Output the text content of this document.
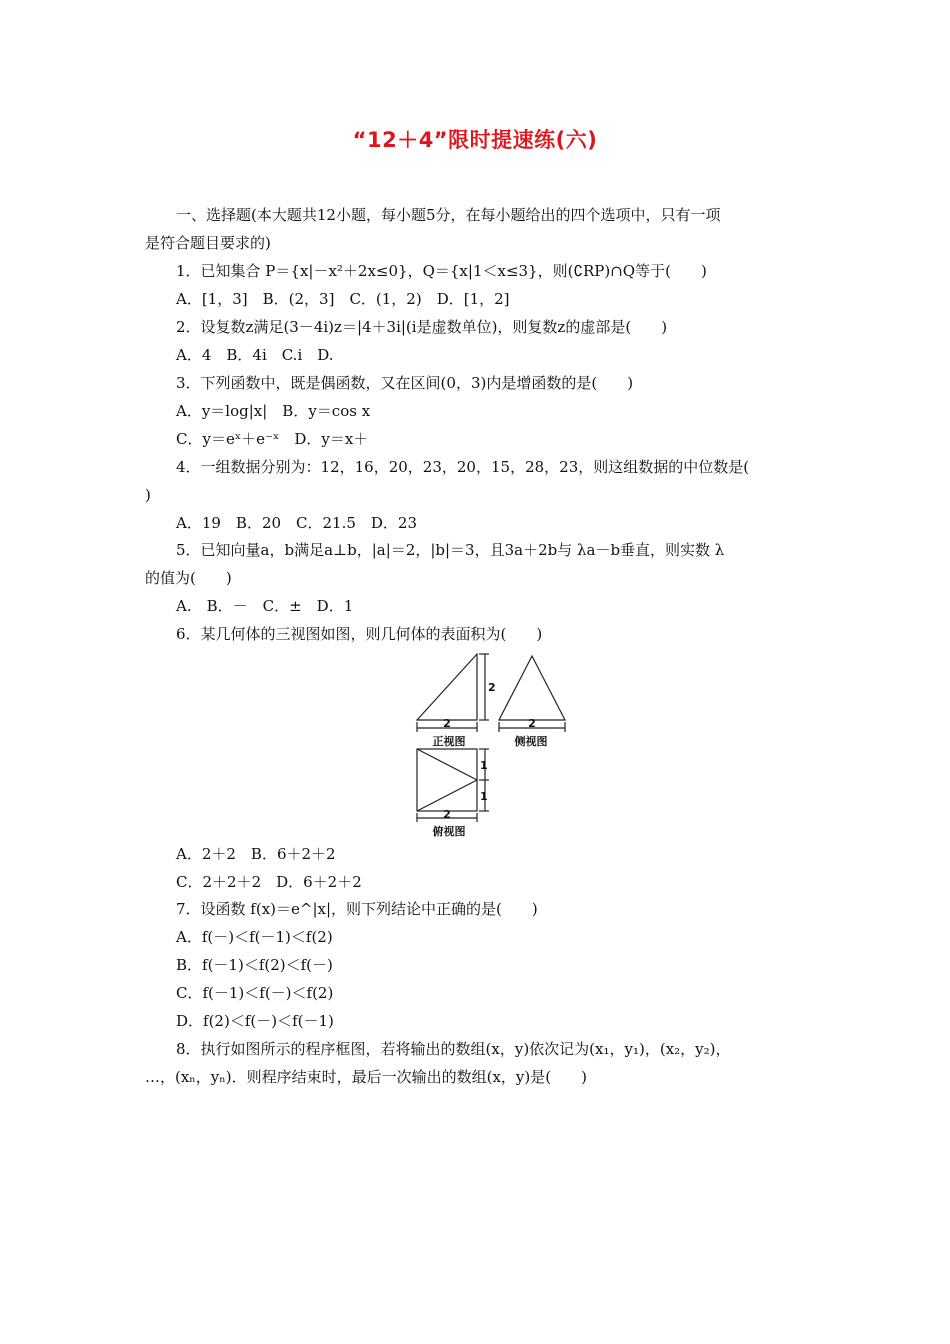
“12＋4”限时提速练(六)
一、选择题(本大题共12小题，每小题5分，在每小题给出的四个选项中，只有一项
是符合题目要求的)
1．已知集合 P＝{x|－x²＋2x≤0}，Q＝{x|1＜x≤3}，则(∁RP)∩Q等于(　　)
A．[1，3]　B．(2，3]　C．(1，2)　D．[1，2]
2．设复数z满足(3－4i)z＝|4＋3i|(i是虚数单位)，则复数z的虚部是(　　)
A．4　B．4i　C.i　D.
3．下列函数中，既是偶函数，又在区间(0，3)内是增函数的是(　　)
A．y＝log|x|　B．y＝cos x
C．y＝eˣ＋e⁻ˣ　D．y＝x＋
4．一组数据分别为：12，16，20，23，20，15，28，23，则这组数据的中位数是(
)
A．19　B．20　C．21.5　D．23
5．已知向量a，b满足a⊥b，|a|＝2，|b|＝3，且3a＋2b与 λa－b垂直，则实数 λ
的值为(　　)
A.　B．－　C．±　D．1
6．某几何体的三视图如图，则几何体的表面积为(　　)
2
2
正视图
2
侧视图
1
1
2
俯视图
A．2＋2　B．6＋2＋2
C．2＋2＋2　D．6＋2＋2
7．设函数 f(x)＝e^|x|，则下列结论中正确的是(　　)
A．f(－)＜f(－1)＜f(2)
B．f(－1)＜f(2)＜f(－)
C．f(－1)＜f(－)＜f(2)
D．f(2)＜f(－)＜f(－1)
8．执行如图所示的程序框图，若将输出的数组(x，y)依次记为(x₁，y₁)，(x₂，y₂)，
…，(xₙ，yₙ)．则程序结束时，最后一次输出的数组(x，y)是(　　)
